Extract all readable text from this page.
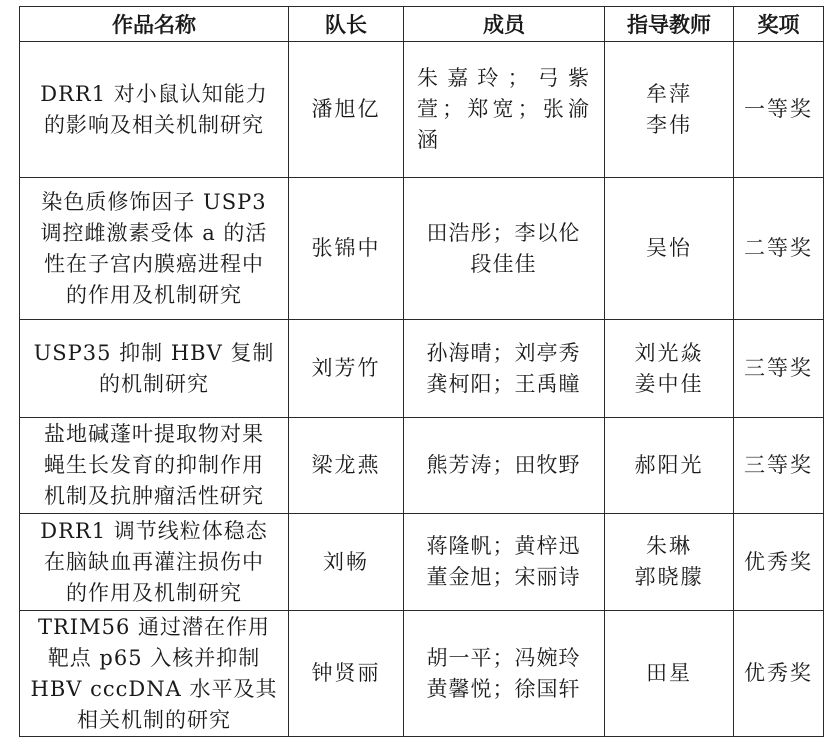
作品名称	队长	成员	指导教师	奖项

DRR1 对小鼠认知能力
的影响及相关机制研究	潘旭亿	朱嘉玲；弓紫
萱；郑宽；张渝
涵	牟萍
李伟	一等奖

染色质修饰因子 USP3
调控雌激素受体 a 的活
性在子宫内膜癌进程中
的作用及机制研究	张锦中	田浩彤；李以伦
段佳佳	吴怡	二等奖

USP35 抑制 HBV 复制
的机制研究	刘芳竹	孙海晴；刘亭秀
龚柯阳；王禹瞳	刘光焱
姜中佳	三等奖

盐地碱蓬叶提取物对果
蝇生长发育的抑制作用
机制及抗肿瘤活性研究	梁龙燕	熊芳涛；田牧野	郝阳光	三等奖

DRR1 调节线粒体稳态
在脑缺血再灌注损伤中
的作用及机制研究	刘畅	蒋隆帆；黄梓迅
董金旭；宋丽诗	朱琳
郭晓朦	优秀奖

TRIM56 通过潜在作用
靶点 p65 入核并抑制
HBV cccDNA 水平及其
相关机制的研究	钟贤丽	胡一平；冯婉玲
黄馨悦；徐国轩	田星	优秀奖
